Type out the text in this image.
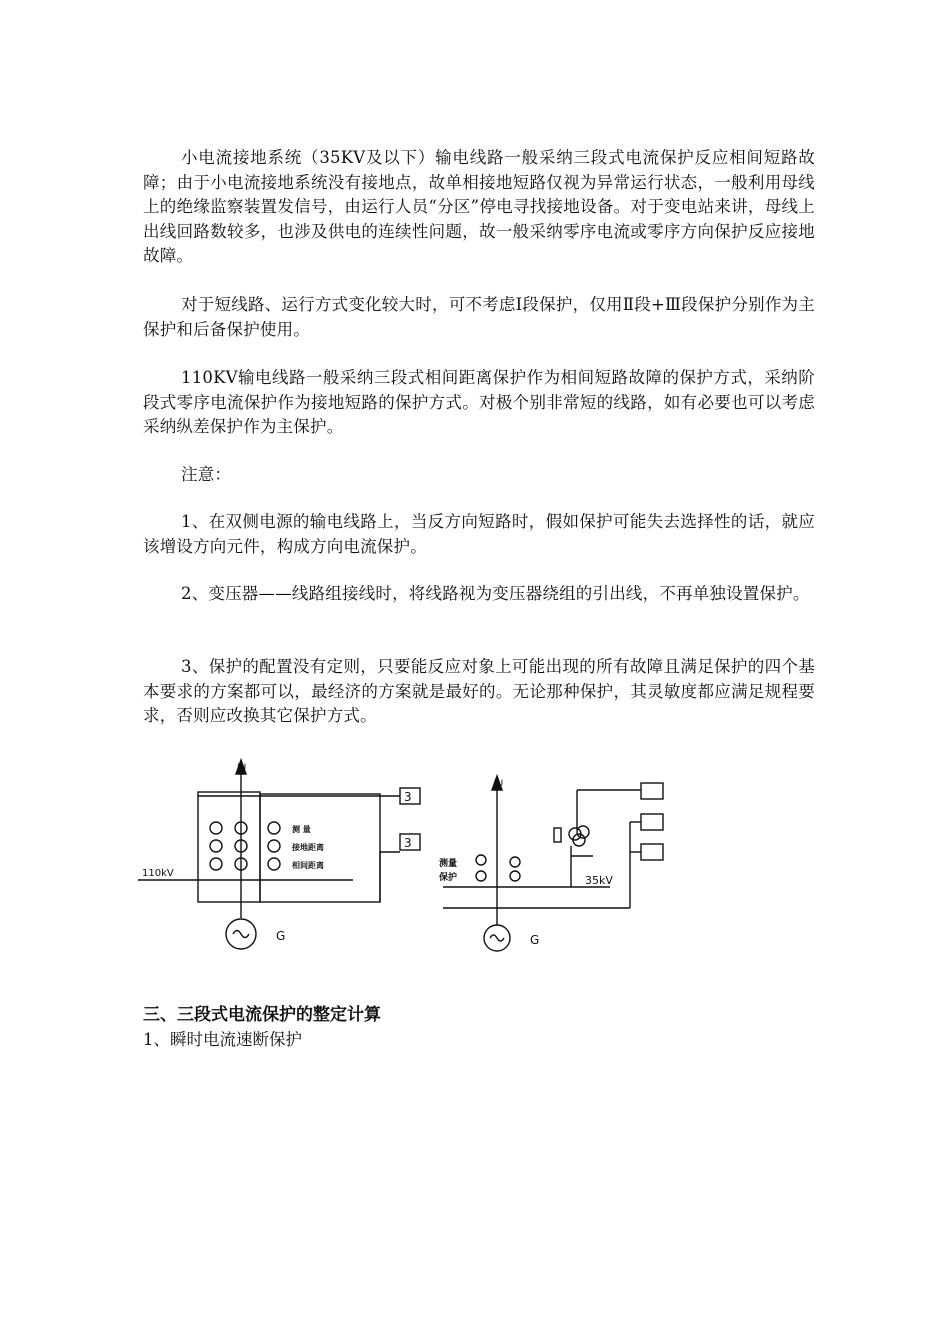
小电流接地系统（35KV及以下）输电线路一般采纳三段式电流保护反应相间短路故障；由于小电流接地系统没有接地点，故单相接地短路仅视为异常运行状态，一般利用母线上的绝缘监察装置发信号，由运行人员“分区”停电寻找接地设备。对于变电站来讲，母线上出线回路数较多，也涉及供电的连续性问题，故一般采纳零序电流或零序方向保护反应接地故障。

对于短线路、运行方式变化较大时，可不考虑Ⅰ段保护，仅用Ⅱ段+Ⅲ段保护分别作为主保护和后备保护使用。

110KV输电线路一般采纳三段式相间距离保护作为相间短路故障的保护方式，采纳阶段式零序电流保护作为接地短路的保护方式。对极个别非常短的线路，如有必要也可以考虑采纳纵差保护作为主保护。

注意：

1、在双侧电源的输电线路上，当反方向短路时，假如保护可能失去选择性的话，就应该增设方向元件，构成方向电流保护。

2、变压器——线路组接线时，将线路视为变压器绕组的引出线，不再单独设置保护。

3、保护的配置没有定则，只要能反应对象上可能出现的所有故障且满足保护的四个基本要求的方案都可以，最经济的方案就是最好的。无论那种保护，其灵敏度都应满足规程要求，否则应改换其它保护方式。

IU
测 量
接地距离
相间距离
110kV
G
3
3
IU
测量
保护	35kV
G

三、三段式电流保护的整定计算

1、瞬时电流速断保护
